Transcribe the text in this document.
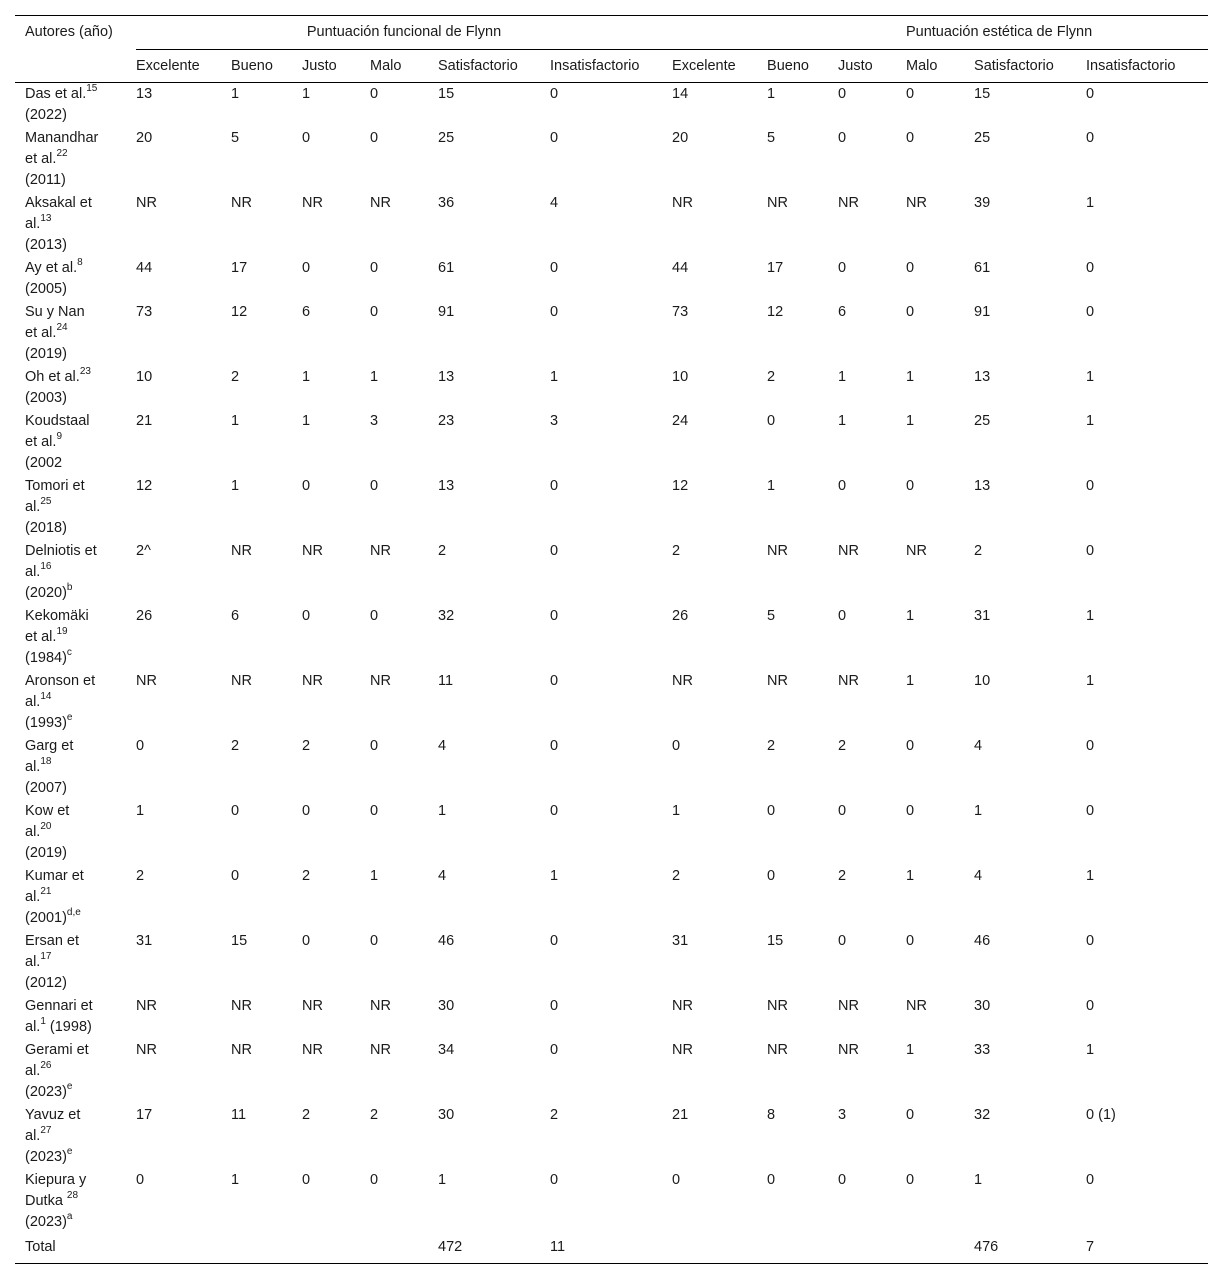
Autores (año)	Puntuación funcional de Flynn						Puntuación estética de Flynn					
	Excelente	Bueno	Justo	Malo	Satisfactorio	Insatisfactorio	Excelente	Bueno	Justo	Malo	Satisfactorio	Insatisfactorio
Das et al.$^{15}$
(2022)	13	1	1	0	15	0	14	1	0	0	15	0
Manandhar
et al.$^{22}$
(2011)	20	5	0	0	25	0	20	5	0	0	25	0
Aksakal et
al.$^{13}$
(2013)	NR	NR	NR	NR	36	4	NR	NR	NR	NR	39	1
Ay et al.$^8$
(2005)	44	17	0	0	61	0	44	17	0	0	61	0
Su y Nan
et al.$^{24}$
(2019)	73	12	6	0	91	0	73	12	6	0	91	0
Oh et al.$^{23}$
(2003)	10	2	1	1	13	1	10	2	1	1	13	1
Koudstaal
et al.$^9$
(2002	21	1	1	3	23	3	24	0	1	1	25	1
Tomori et
al.$^{25}$
(2018)	12	1	0	0	13	0	12	1	0	0	13	0
Delniotis et
al.$^{16}$
$(2020)^b$	2^	NR	NR	NR	2	0	2	NR	NR	NR	2	0
Kekomäki
et al.$^{19}$
$(1984)^c$	26	6	0	0	32	0	26	5	0	1	31	1
Aronson et
al.$^{14}$
$(1993)^e$	NR	NR	NR	NR	11	0	NR	NR	NR	1	10	1
Garg et
al.$^{18}$
(2007)	0	2	2	0	4	0	0	2	2	0	4	0
Kow et
al.$^{20}$
(2019)	1	0	0	0	1	0	1	0	0	0	1	0
Kumar et
al.$^{21}$
$(2001)^{d,e}$	2	0	2	1	4	1	2	0	2	1	4	1
Ersan et
al.$^{17}$
(2012)	31	15	0	0	46	0	31	15	0	0	46	0
Gennari et
al.$^1$ (1998)	NR	NR	NR	NR	30	0	NR	NR	NR	NR	30	0
Gerami et
al.$^{26}$
$(2023)^e$	NR	NR	NR	NR	34	0	NR	NR	NR	1	33	1
Yavuz et
al.$^{27}$
$(2023)^e$	17	11	2	2	30	2	21	8	3	0	32	0 (1)
Kiepura y
Dutka $^{28}$
$(2023)^a$	0	1	0	0	1	0	0	0	0	0	1	0
Total					472	11					476	7
